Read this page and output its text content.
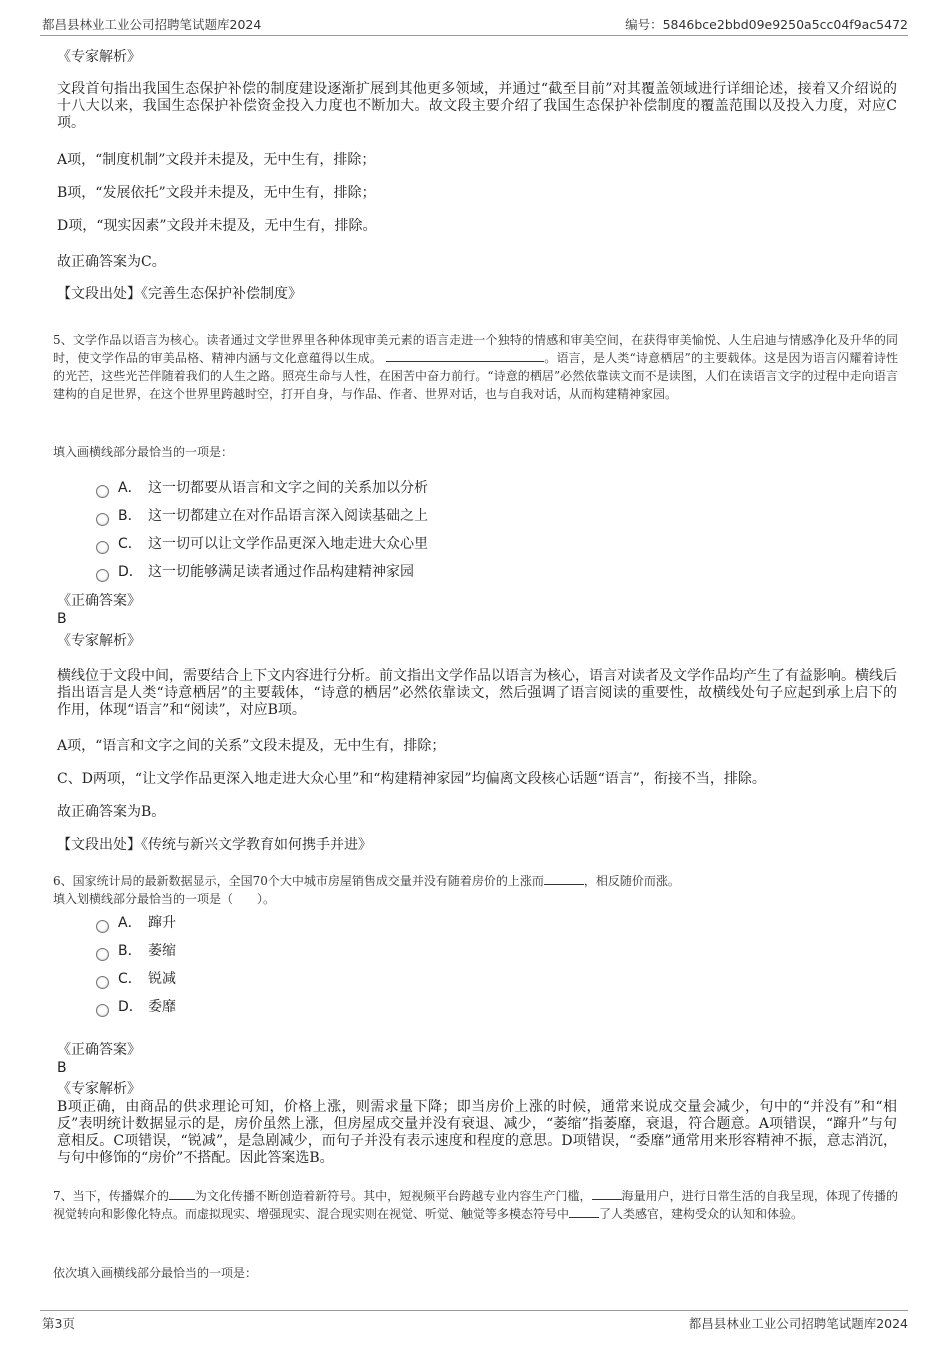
都昌县林业工业公司招聘笔试题库2024	编号：5846bce2bbd09e9250a5cc04f9ac5472
《专家解析》
文段首句指出我国生态保护补偿的制度建设逐渐扩展到其他更多领域，并通过“截至目前”对其覆盖领域进行详细论述，接着又介绍说的十八大以来，我国生态保护补偿资金投入力度也不断加大。故文段主要介绍了我国生态保护补偿制度的覆盖范围以及投入力度，对应C项。
A项，“制度机制”文段并未提及，无中生有，排除；
B项，“发展依托”文段并未提及，无中生有，排除；
D项，“现实因素”文段并未提及，无中生有，排除。
故正确答案为C。
【文段出处】《完善生态保护补偿制度》
5、文学作品以语言为核心。读者通过文学世界里各种体现审美元素的语言走进一个独特的情感和审美空间，在获得审美愉悦、人生启迪与情感净化及升华的同时，使文学作品的审美品格、精神内涵与文化意蕴得以生成。	。语言，是人类“诗意栖居”的主要载体。这是因为语言闪耀着诗性的光芒，这些光芒伴随着我们的人生之路。照亮生命与人性，在困苦中奋力前行。“诗意的栖居”必然依靠读文而不是读图，人们在读语言文字的过程中走向语言建构的自足世界，在这个世界里跨越时空，打开自身，与作品、作者、世界对话，也与自我对话，从而构建精神家园。
填入画横线部分最恰当的一项是：
A． 这一切都要从语言和文字之间的关系加以分析
B． 这一切都建立在对作品语言深入阅读基础之上
C． 这一切可以让文学作品更深入地走进大众心里
D． 这一切能够满足读者通过作品构建精神家园
《正确答案》
B
《专家解析》
横线位于文段中间，需要结合上下文内容进行分析。前文指出文学作品以语言为核心，语言对读者及文学作品均产生了有益影响。横线后指出语言是人类“诗意栖居”的主要载体，“诗意的栖居”必然依靠读文，然后强调了语言阅读的重要性，故横线处句子应起到承上启下的作用，体现“语言”和“阅读”，对应B项。
A项，“语言和文字之间的关系”文段未提及，无中生有，排除；
C、D两项，“让文学作品更深入地走进大众心里”和“构建精神家园”均偏离文段核心话题“语言”，衔接不当，排除。
故正确答案为B。
【文段出处】《传统与新兴文学教育如何携手并进》
6、国家统计局的最新数据显示，全国70个大中城市房屋销售成交量并没有随着房价的上涨而	，相反随价而涨。
填入划横线部分最恰当的一项是（　　）。
A． 蹿升
B． 萎缩
C． 锐减
D． 委靡
《正确答案》
B
《专家解析》
B项正确，由商品的供求理论可知，价格上涨，则需求量下降；即当房价上涨的时候，通常来说成交量会减少，句中的“并没有”和“相反”表明统计数据显示的是，房价虽然上涨，但房屋成交量并没有衰退、减少，“萎缩”指萎靡，衰退，符合题意。A项错误，“蹿升”与句意相反。C项错误，“锐减”，是急剧减少，而句子并没有表示速度和程度的意思。D项错误，“委靡”通常用来形容精神不振，意志消沉，与句中修饰的“房价”不搭配。因此答案选B。
7、当下，传播媒介的 为文化传播不断创造着新符号。其中，短视频平台跨越专业内容生产门槛，	海量用户，进行日常生活的自我呈现，体现了传播的视觉转向和影像化特点。而虚拟现实、增强现实、混合现实则在视觉、听觉、触觉等多模态符号中	了人类感官，建构受众的认知和体验。
依次填入画横线部分最恰当的一项是：
第3页	都昌县林业工业公司招聘笔试题库2024
